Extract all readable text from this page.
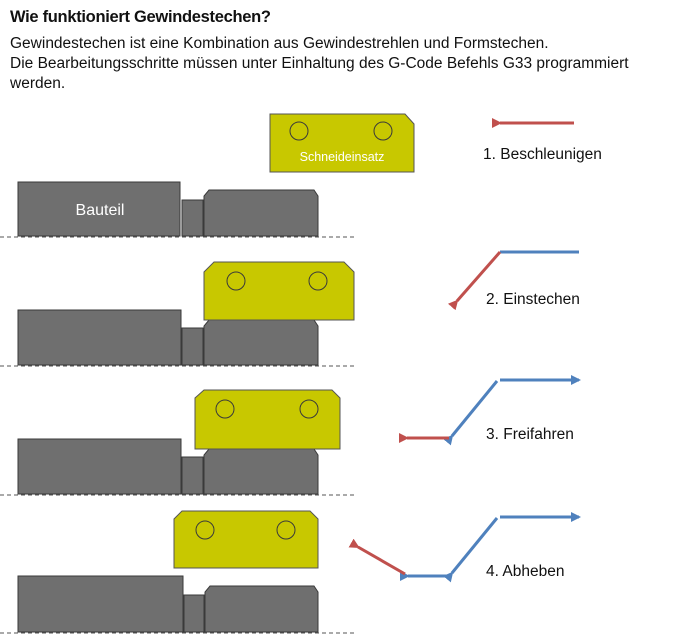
Wie funktioniert Gewindestechen?
Gewindestechen ist eine Kombination aus Gewindestrehlen und Formstechen.
Die Bearbeitungsschritte müssen unter Einhaltung des G-Code Befehls G33 programmiert
werden.
Bauteil
Schneideinsatz	1. Beschleunigen
2. Einstechen
3. Freifahren
4. Abheben
